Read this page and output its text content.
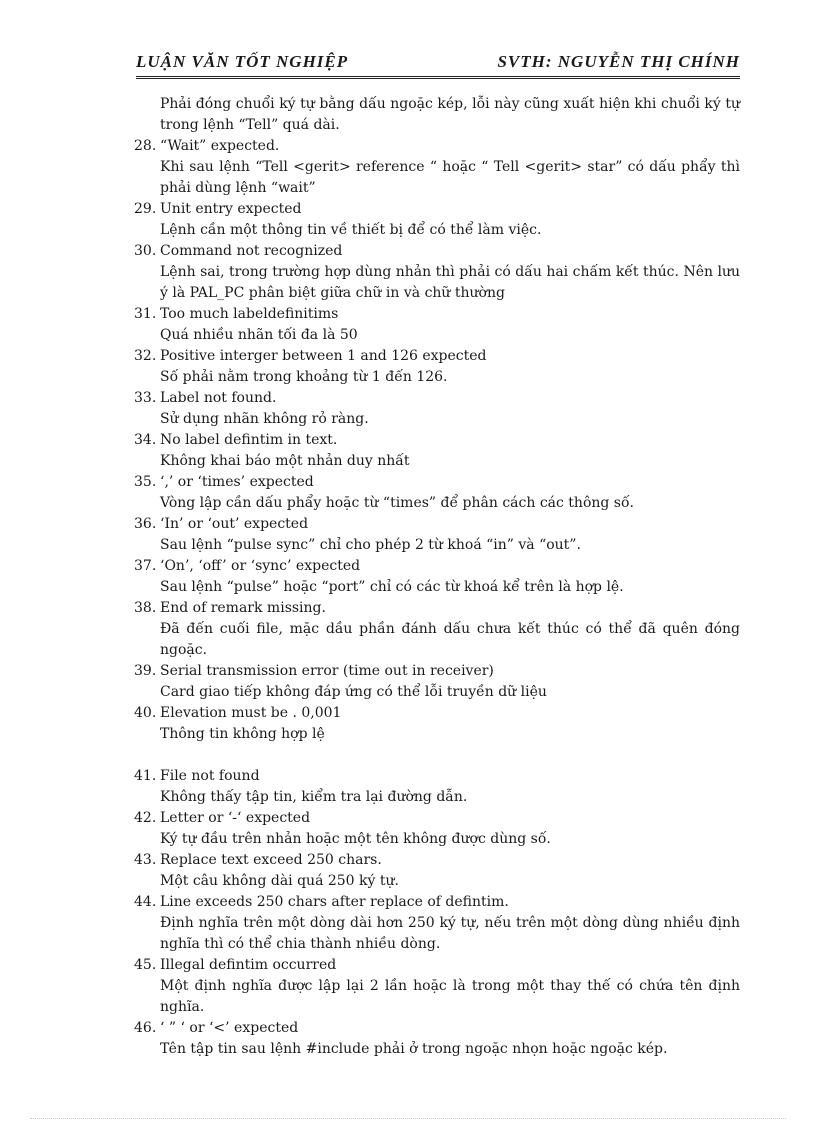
LUẬN VĂN TỐT NGHIỆP	SVTH: NGUYỄN THỊ CHÍNH

Phải đóng chuổi ký tự bằng dấu ngoặc kép, lỗi này cũng xuất hiện khi chuổi ký tự trong lệnh “Tell” quá dài.

28. “Wait” expected.
Khi sau lệnh “Tell <gerit> reference “ hoặc “ Tell <gerit> star” có dấu phẩy thì phải dùng lệnh “wait”
29. Unit entry expected
Lệnh cần một thông tin về thiết bị để có thể làm việc.
30. Command not recognized
Lệnh sai, trong trường hợp dùng nhản thì phải có dấu hai chấm kết thúc. Nên lưu ý là PAL_PC phân biệt giữa chữ in và chữ thường
31. Too much labeldefinitims
Quá nhiều nhãn tối đa là 50
32. Positive interger between 1 and 126 expected
Số phải nằm trong khoảng từ 1 đến 126.
33. Label not found.
Sử dụng nhãn không rỏ ràng.
34. No label defintim in text.
Không khai báo một nhản duy nhất
35. ‘,’ or ‘times’ expected
Vòng lập cần dấu phẩy hoặc từ “times” để phân cách các thông số.
36. ‘In’ or ‘out’ expected
Sau lệnh “pulse sync” chỉ cho phép 2 từ khoá “in” và “out”.
37. ‘On’, ‘off’ or ‘sync’ expected
Sau lệnh “pulse” hoặc “port” chỉ có các từ khoá kể trên là hợp lệ.
38. End of remark missing.
Đã đến cuối file, mặc dầu phần đánh dấu chưa kết thúc có thể đã quên đóng ngoặc.
39. Serial transmission error (time out in receiver)
Card giao tiếp không đáp ứng có thể lỗi truyền dữ liệu
40. Elevation must be . 0,001
Thông tin không hợp lệ
41. File not found
Không thấy tập tin, kiểm tra lại đường dẫn.
42. Letter or ‘-‘ expected
Ký tự đầu trên nhản hoặc một tên không được dùng số.
43. Replace text exceed 250 chars.
Một câu không dài quá 250 ký tự.
44. Line exceeds 250 chars after replace of defintim.
Định nghĩa trên một dòng dài hơn 250 ký tự, nếu trên một dòng dùng nhiều định nghĩa thì có thể chia thành nhiều dòng.
45. Illegal defintim occurred
Một định nghĩa được lập lại 2 lần hoặc là trong một thay thế có chứa tên định nghĩa.
46. ‘ ” ‘ or ‘<’ expected
Tên tập tin sau lệnh #include phải ở trong ngoặc nhọn hoặc ngoặc kép.
